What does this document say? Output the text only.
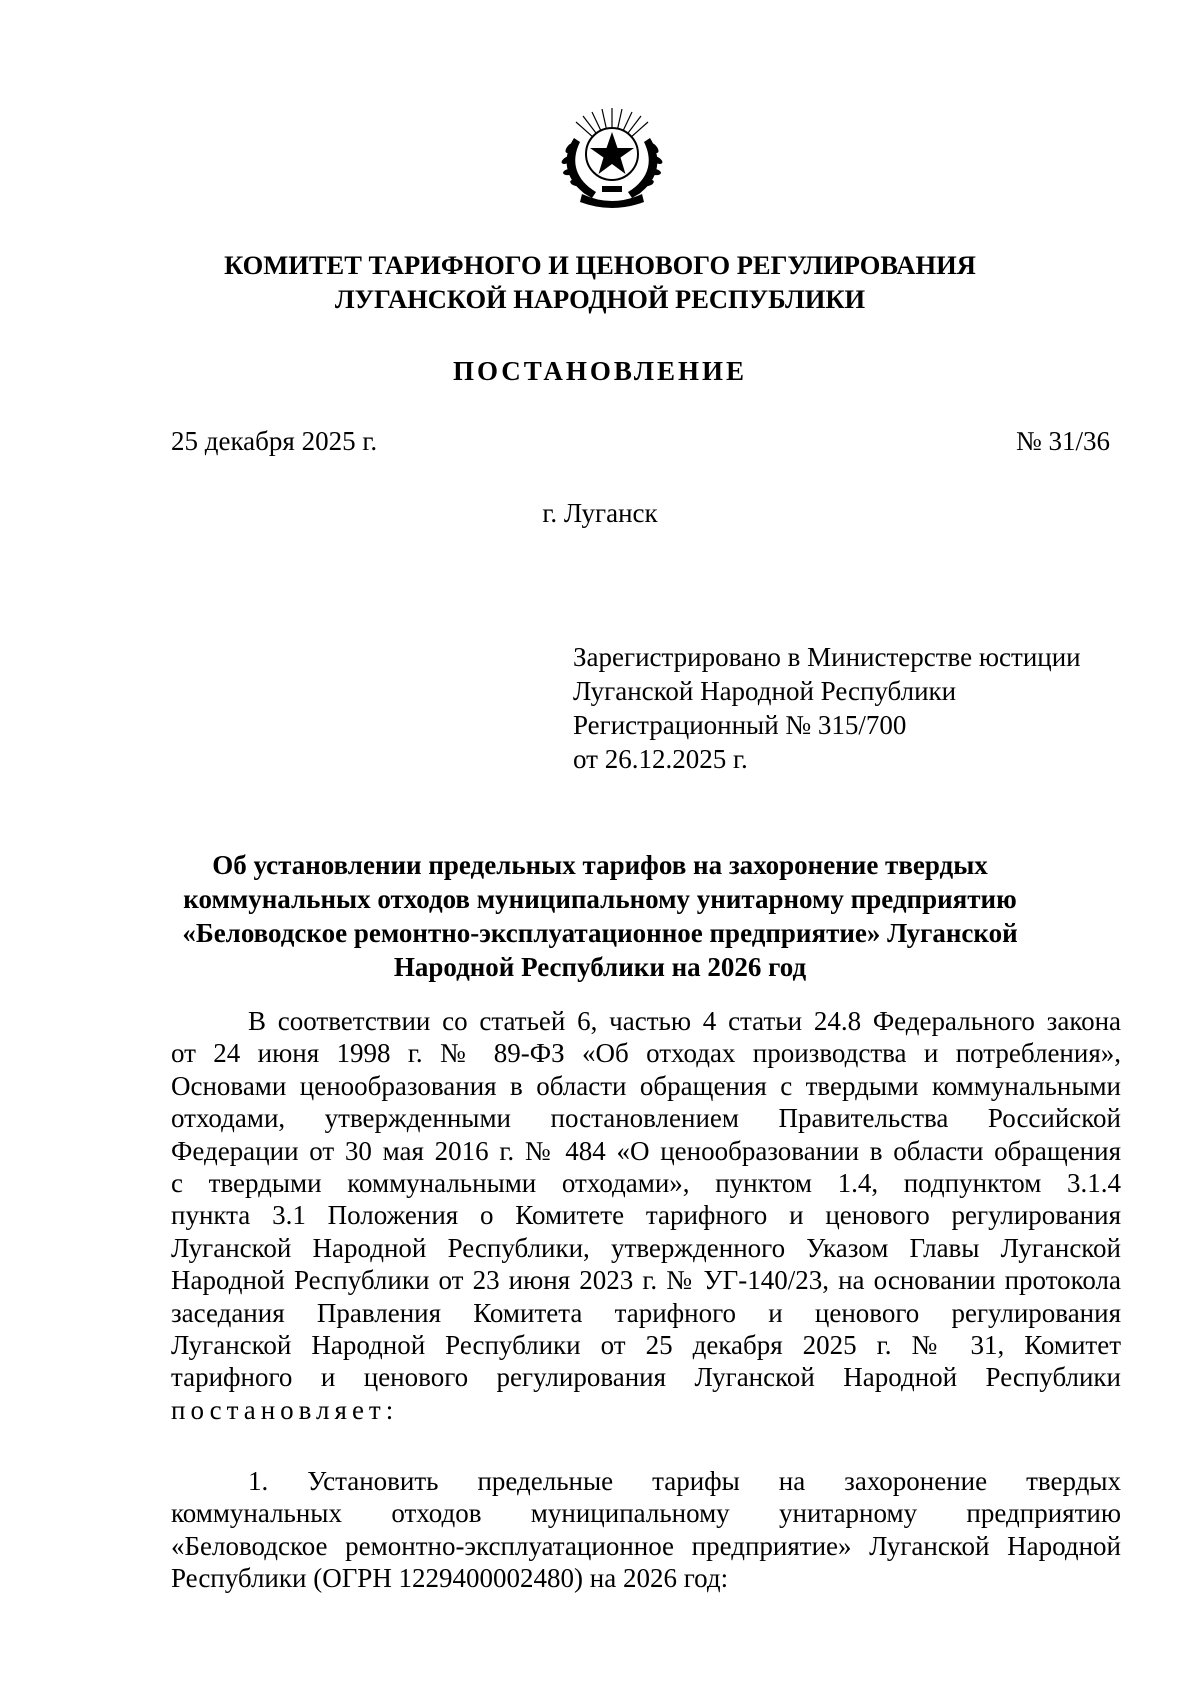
КОМИТЕТ ТАРИФНОГО И ЦЕНОВОГО РЕГУЛИРОВАНИЯ
ЛУГАНСКОЙ НАРОДНОЙ РЕСПУБЛИКИ
ПОСТАНОВЛЕНИЕ
25 декабря 2025 г.	№ 31/36
г. Луганск
Зарегистрировано в Министерстве юстиции
Луганской Народной Республики
Регистрационный № 315/700
от 26.12.2025 г.
Об установлении предельных тарифов на захоронение твердых
коммунальных отходов муниципальному унитарному предприятию
«Беловодское ремонтно-эксплуатационное предприятие» Луганской
Народной Республики на 2026 год
В соответствии со статьей 6, частью 4 статьи 24.8 Федерального закона
от 24 июня 1998 г. № 89-ФЗ «Об отходах производства и потребления»,
Основами ценообразования в области обращения с твердыми коммунальными
отходами, утвержденными постановлением Правительства Российской
Федерации от 30 мая 2016 г. № 484 «О ценообразовании в области обращения
с твердыми коммунальными отходами», пунктом 1.4, подпунктом 3.1.4
пункта 3.1 Положения о Комитете тарифного и ценового регулирования
Луганской Народной Республики, утвержденного Указом Главы Луганской
Народной Республики от 23 июня 2023 г. № УГ-140/23, на основании протокола
заседания Правления Комитета тарифного и ценового регулирования
Луганской Народной Республики от 25 декабря 2025 г. № 31, Комитет
тарифного и ценового регулирования Луганской Народной Республики
постановляет:
1. Установить предельные тарифы на захоронение твердых
коммунальных отходов муниципальному унитарному предприятию
«Беловодское ремонтно-эксплуатационное предприятие» Луганской Народной
Республики (ОГРН 1229400002480) на 2026 год:
